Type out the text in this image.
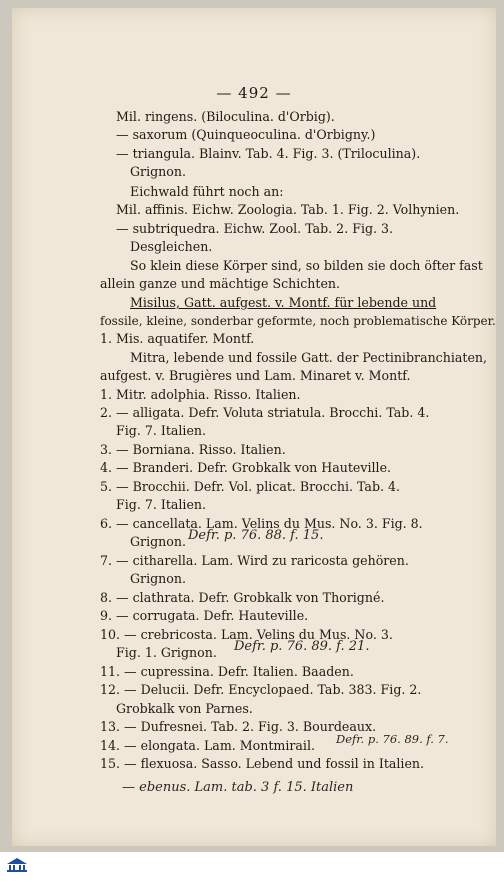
— 492 —
Mil. ringens. (Biloculina. d'Orbig).
— saxorum (Quinqueoculina. d'Orbigny.)
— triangula. Blainv. Tab. 4. Fig. 3. (Triloculina).
Grignon.
Eichwald führt noch an:
Mil. affinis. Eichw. Zoologia. Tab. 1. Fig. 2. Volhynien.
— subtriquedra. Eichw. Zool. Tab. 2. Fig. 3.
Desgleichen.
So klein diese Körper sind, so bilden sie doch öfter fast
allein ganze und mächtige Schichten.
Misilus, Gatt. aufgest. v. Montf. für lebende und
fossile, kleine, sonderbar geformte, noch problematische Körper.
1. Mis. aquatifer. Montf.
Mitra, lebende und fossile Gatt. der Pectinibranchiaten,
aufgest. v. Brugières und Lam. Minaret v. Montf.
1. Mitr. adolphia. Risso. Italien.
2. — alligata. Defr. Voluta striatula. Brocchi. Tab. 4.
Fig. 7. Italien.
3. — Borniana. Risso. Italien.
4. — Branderi. Defr. Grobkalk von Hauteville.
5. — Brocchii. Defr. Vol. plicat. Brocchi. Tab. 4.
Fig. 7. Italien.
6. — cancellata. Lam. Velins du Mus. No. 3. Fig. 8.
Grignon.
7. — citharella. Lam. Wird zu raricosta gehören.
Grignon.
8. — clathrata. Defr. Grobkalk von Thorigné.
9. — corrugata. Defr. Hauteville.
10. — crebricosta. Lam. Velins du Mus. No. 3.
Fig. 1. Grignon.
11. — cupressina. Defr. Italien. Baaden.
12. — Delucii. Defr. Encyclopaed. Tab. 383. Fig. 2.
Grobkalk von Parnes.
13. — Dufresnei. Tab. 2. Fig. 3. Bourdeaux.
14. — elongata. Lam. Montmirail.
15. — flexuosa. Sasso. Lebend und fossil in Italien.
Defr. p. 76. 88. f. 15.
Defr. p. 76. 89. f. 21.
Defr. p. 76. 89. f. 7.
— ebenus. Lam. tab. 3 f. 15. Italien
